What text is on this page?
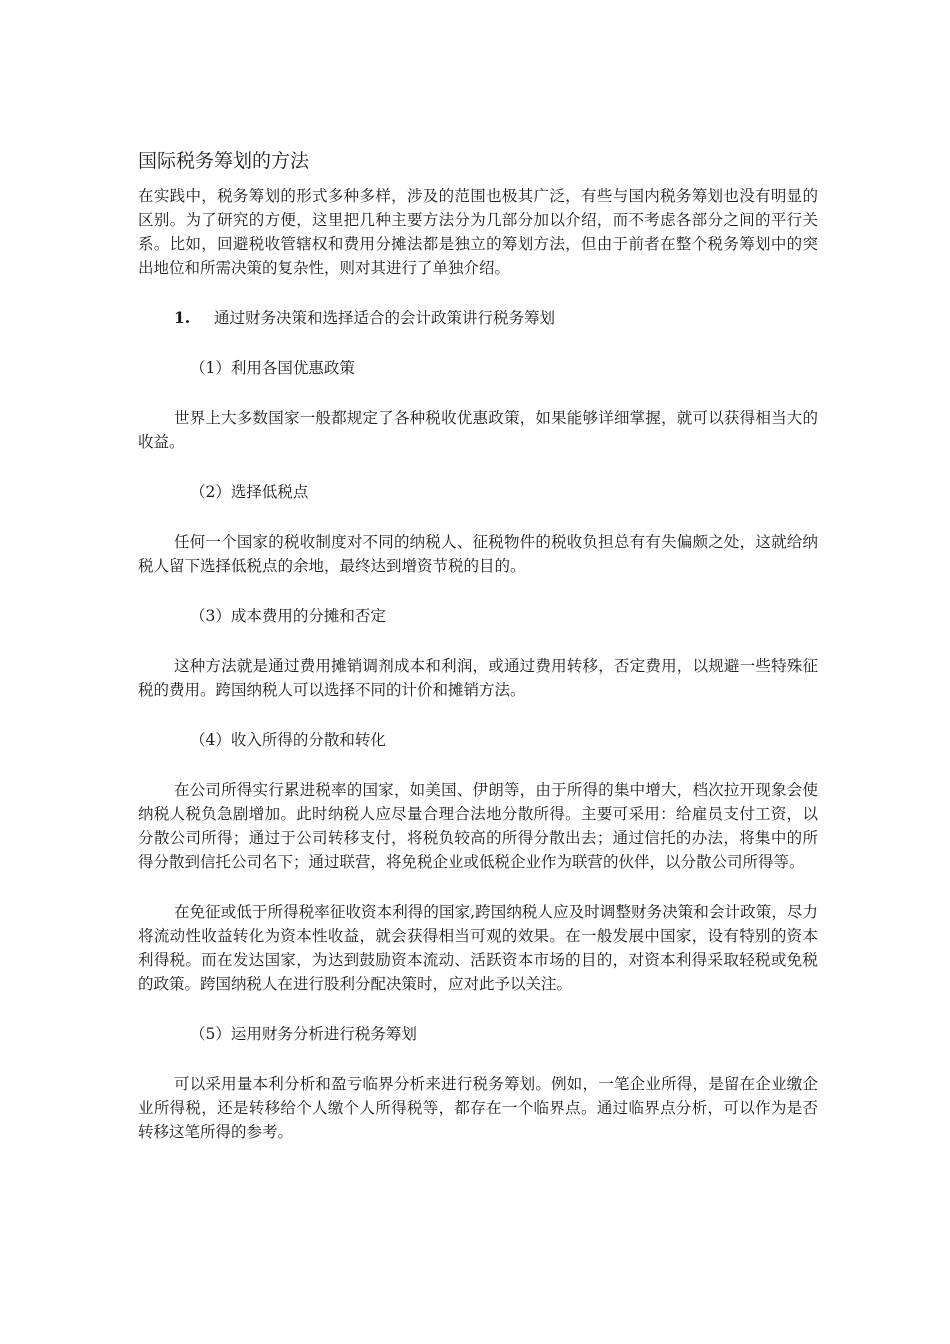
国际税务筹划的方法

在实践中，税务筹划的形式多种多样，涉及的范围也极其广泛，有些与国内税务筹划也没有明显的区别。为了研究的方便，这里把几种主要方法分为几部分加以介绍，而不考虑各部分之间的平行关系。比如，回避税收管辖权和费用分摊法都是独立的筹划方法，但由于前者在整个税务筹划中的突出地位和所需决策的复杂性，则对其进行了单独介绍。

1. 通过财务决策和选择适合的会计政策讲行税务筹划

（1）利用各国优惠政策

世界上大多数国家一般都规定了各种税收优惠政策，如果能够详细掌握，就可以获得相当大的收益。

（2）选择低税点

任何一个国家的税收制度对不同的纳税人、征税物件的税收负担总有有失偏颇之处，这就给纳税人留下选择低税点的余地，最终达到增资节税的目的。

（3）成本费用的分摊和否定

这种方法就是通过费用摊销调剂成本和利润，或通过费用转移，否定费用，以规避一些特殊征税的费用。跨国纳税人可以选择不同的计价和摊销方法。

（4）收入所得的分散和转化

在公司所得实行累进税率的国家，如美国、伊朗等，由于所得的集中增大，档次拉开现象会使纳税人税负急剧增加。此时纳税人应尽量合理合法地分散所得。主要可采用：给雇员支付工资，以分散公司所得；通过于公司转移支付，将税负较高的所得分散出去；通过信托的办法，将集中的所得分散到信托公司名下；通过联营，将免税企业或低税企业作为联营的伙伴，以分散公司所得等。

在免征或低于所得税率征收资本利得的国家,跨国纳税人应及时调整财务决策和会计政策，尽力将流动性收益转化为资本性收益，就会获得相当可观的效果。在一般发展中国家，设有特别的资本利得税。而在发达国家，为达到鼓励资本流动、活跃资本市场的目的，对资本利得采取轻税或免税的政策。跨国纳税人在进行股利分配决策时，应对此予以关注。

（5）运用财务分析进行税务筹划

可以采用量本利分析和盈亏临界分析来进行税务筹划。例如，一笔企业所得，是留在企业缴企业所得税，还是转移给个人缴个人所得税等，都存在一个临界点。通过临界点分析，可以作为是否转移这笔所得的参考。
